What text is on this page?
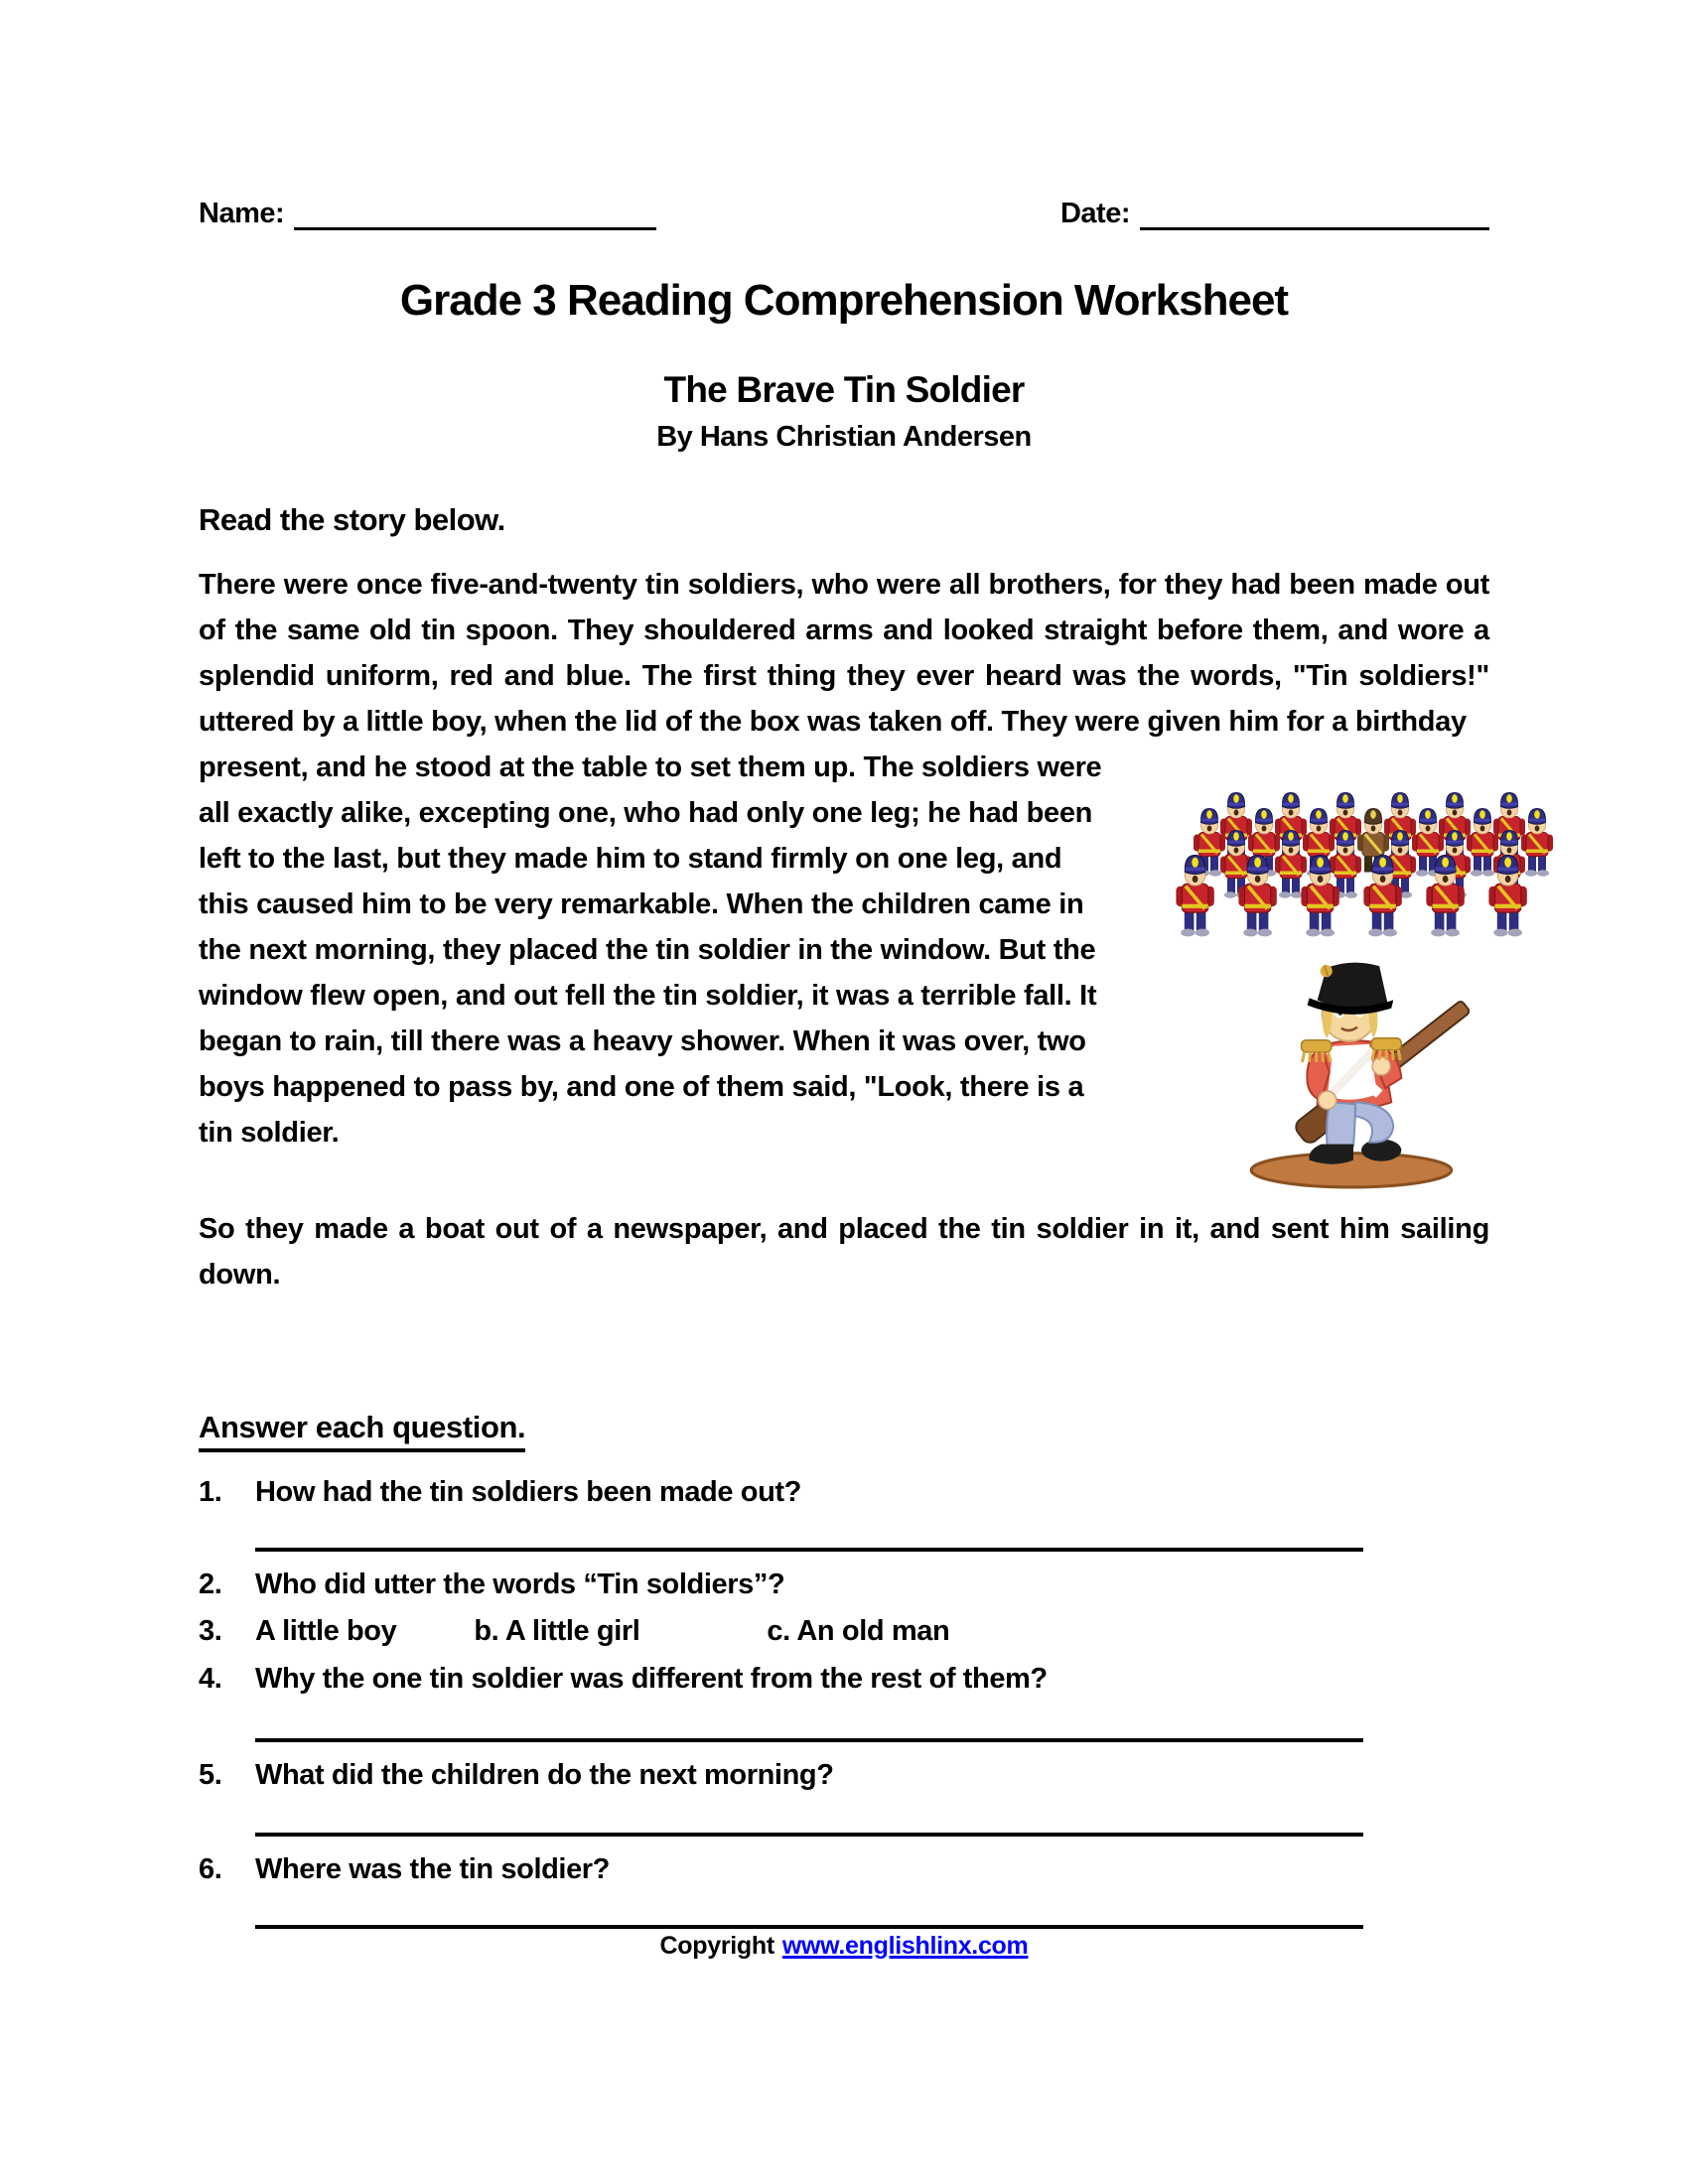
Name:	Date:
Grade 3 Reading Comprehension Worksheet
The Brave Tin Soldier
By Hans Christian Andersen
Read the story below.

There were once five-and-twenty tin soldiers, who were all brothers, for they had been made out of the same old tin spoon. They shouldered arms and looked straight before them, and wore a splendid uniform, red and blue. The first thing they ever heard was the words, "Tin soldiers!" uttered by a little boy, when the lid of the box was taken off. They were given him for a birthday

present, and he stood at the table to set them up. The soldiers were all exactly alike, excepting one, who had only one leg; he had been left to the last, but they made him to stand firmly on one leg, and this caused him to be very remarkable. When the children came in the next morning, they placed the tin soldier in the window. But the window flew open, and out fell the tin soldier, it was a terrible fall. It began to rain, till there was a heavy shower. When it was over, two boys happened to pass by, and one of them said, "Look, there is a tin soldier.

So they made a boat out of a newspaper, and placed the tin soldier in it, and sent him sailing down.

Answer each question.
1.	How had the tin soldiers been made out?
2.	Who did utter the words “Tin soldiers”?
3.	A little boy	b. A little girl	c. An old man
4.	Why the one tin soldier was different from the rest of them?
5.	What did the children do the next morning?
6.	Where was the tin soldier?
Copyright www.englishlinx.com
